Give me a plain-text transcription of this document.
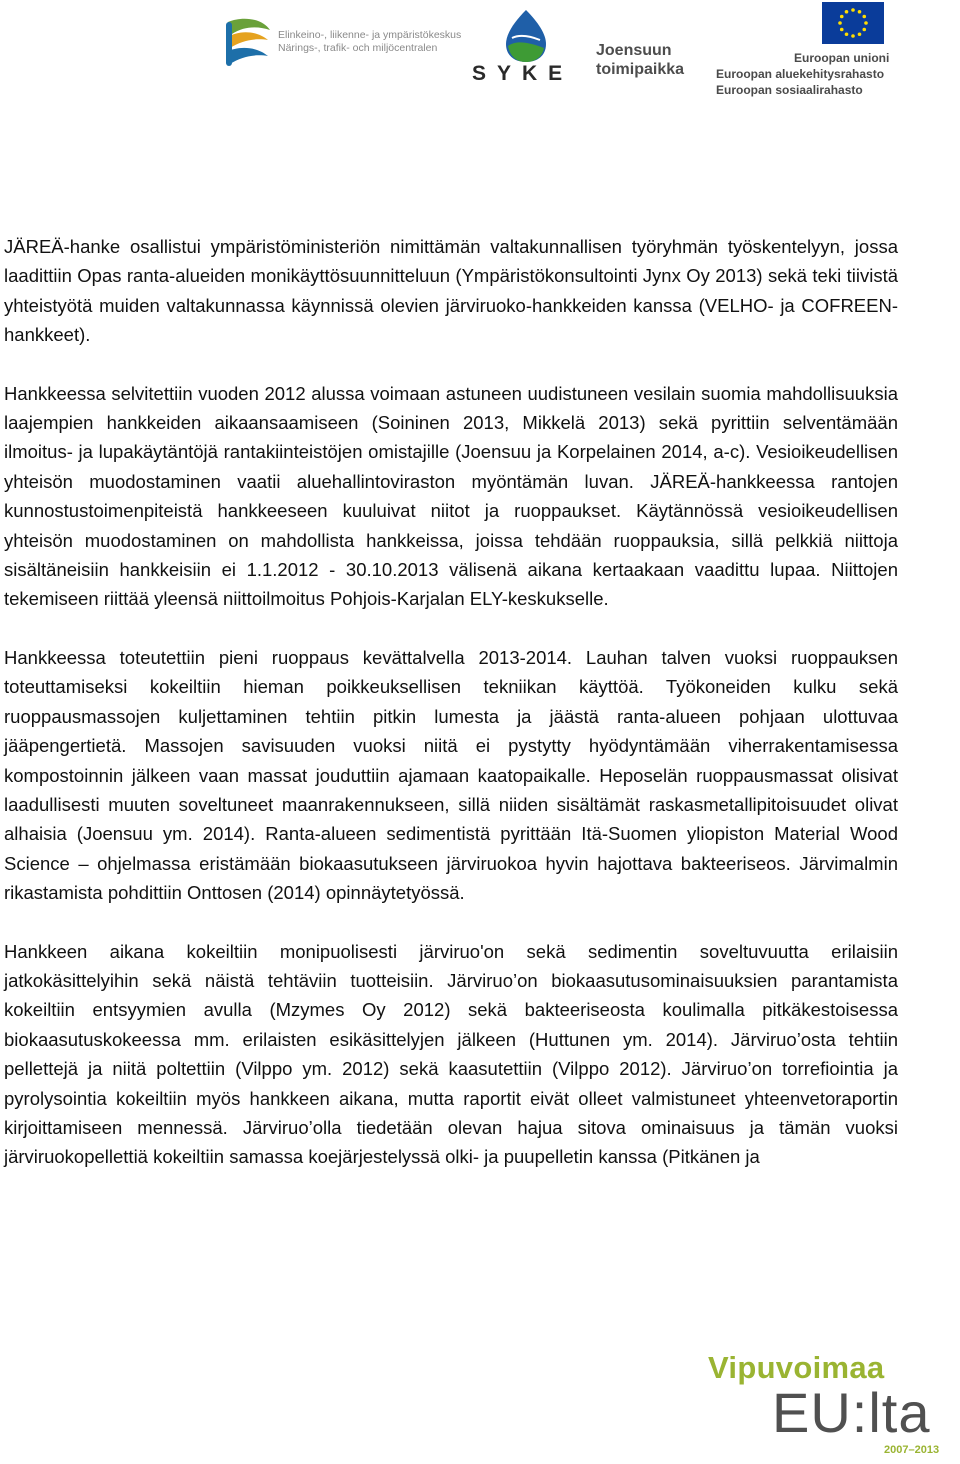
Elinkeino-, liikenne- ja ympäristökeskus
Närings-, trafik- och miljöcentralen
SYKE
Joensuun
toimipaikka
Euroopan unioni
Euroopan aluekehitysrahasto
Euroopan sosiaalirahasto

JÄREÄ-hanke osallistui ympäristöministeriön nimittämän valtakunnallisen työryhmän työskentelyyn, jossa laadittiin Opas ranta-alueiden monikäyttösuunnitteluun (Ympäristökonsultointi Jynx Oy 2013) sekä teki tiivistä yhteistyötä muiden valtakunnassa käynnissä olevien järviruoko-hankkeiden kanssa (VELHO- ja COFREEN-hankkeet).

Hankkeessa selvitettiin vuoden 2012 alussa voimaan astuneen uudistuneen vesilain suomia mahdollisuuksia laajempien hankkeiden aikaansaamiseen (Soininen 2013, Mikkelä 2013) sekä pyrittiin selventämään ilmoitus- ja lupakäytäntöjä rantakiinteistöjen omistajille (Joensuu ja Korpelainen 2014, a-c). Vesioikeudellisen yhteisön muodostaminen vaatii aluehallintoviraston myöntämän luvan. JÄREÄ-hankkeessa rantojen kunnostustoimenpiteistä hankkeeseen kuuluivat niitot ja ruoppaukset. Käytännössä vesioikeudellisen yhteisön muodostaminen on mahdollista hankkeissa, joissa tehdään ruoppauksia, sillä pelkkiä niittoja sisältäneisiin hankkeisiin ei 1.1.2012 - 30.10.2013 välisenä aikana kertaakaan vaadittu lupaa. Niittojen tekemiseen riittää yleensä niittoilmoitus Pohjois-Karjalan ELY-keskukselle.

Hankkeessa toteutettiin pieni ruoppaus kevättalvella 2013-2014. Lauhan talven vuoksi ruoppauksen toteuttamiseksi kokeiltiin hieman poikkeuksellisen tekniikan käyttöä. Työkoneiden kulku sekä ruoppausmassojen kuljettaminen tehtiin pitkin lumesta ja jäästä ranta-alueen pohjaan ulottuvaa jääpengertietä. Massojen savisuuden vuoksi niitä ei pystytty hyödyntämään viherrakentamisessa kompostoinnin jälkeen vaan massat jouduttiin ajamaan kaatopaikalle. Heposelän ruoppausmassat olisivat laadullisesti muuten soveltuneet maanrakennukseen, sillä niiden sisältämät raskasmetallipitoisuudet olivat alhaisia (Joensuu ym. 2014). Ranta-alueen sedimentistä pyrittään Itä-Suomen yliopiston Material Wood Science – ohjelmassa eristämään biokaasutukseen järviruokoa hyvin hajottava bakteeriseos. Järvimalmin rikastamista pohdittiin Onttosen (2014) opinnäytetyössä.

Hankkeen aikana kokeiltiin monipuolisesti järviruo'on sekä sedimentin soveltuvuutta erilaisiin jatkokäsittelyihin sekä näistä tehtäviin tuotteisiin. Järviruo’on biokaasutusominaisuuksien parantamista kokeiltiin entsyymien avulla (Mzymes Oy 2012) sekä bakteeriseosta koulimalla pitkäkestoisessa biokaasutuskokeessa mm. erilaisten esikäsittelyjen jälkeen (Huttunen ym. 2014). Järviruo’osta tehtiin pellettejä ja niitä poltettiin (Vilppo ym. 2012) sekä kaasutettiin (Vilppo 2012). Järviruo’on torrefiointia ja pyrolysointia kokeiltiin myös hankkeen aikana, mutta raportit eivät olleet valmistuneet yhteenvetoraportin kirjoittamiseen mennessä. Järviruo’olla tiedetään olevan hajua sitova ominaisuus ja tämän vuoksi järviruokopellettiä kokeiltiin samassa koejärjestelyssä olki- ja puupelletin kanssa (Pitkänen ja

Vipuvoimaa
EU:lta
2007–2013
